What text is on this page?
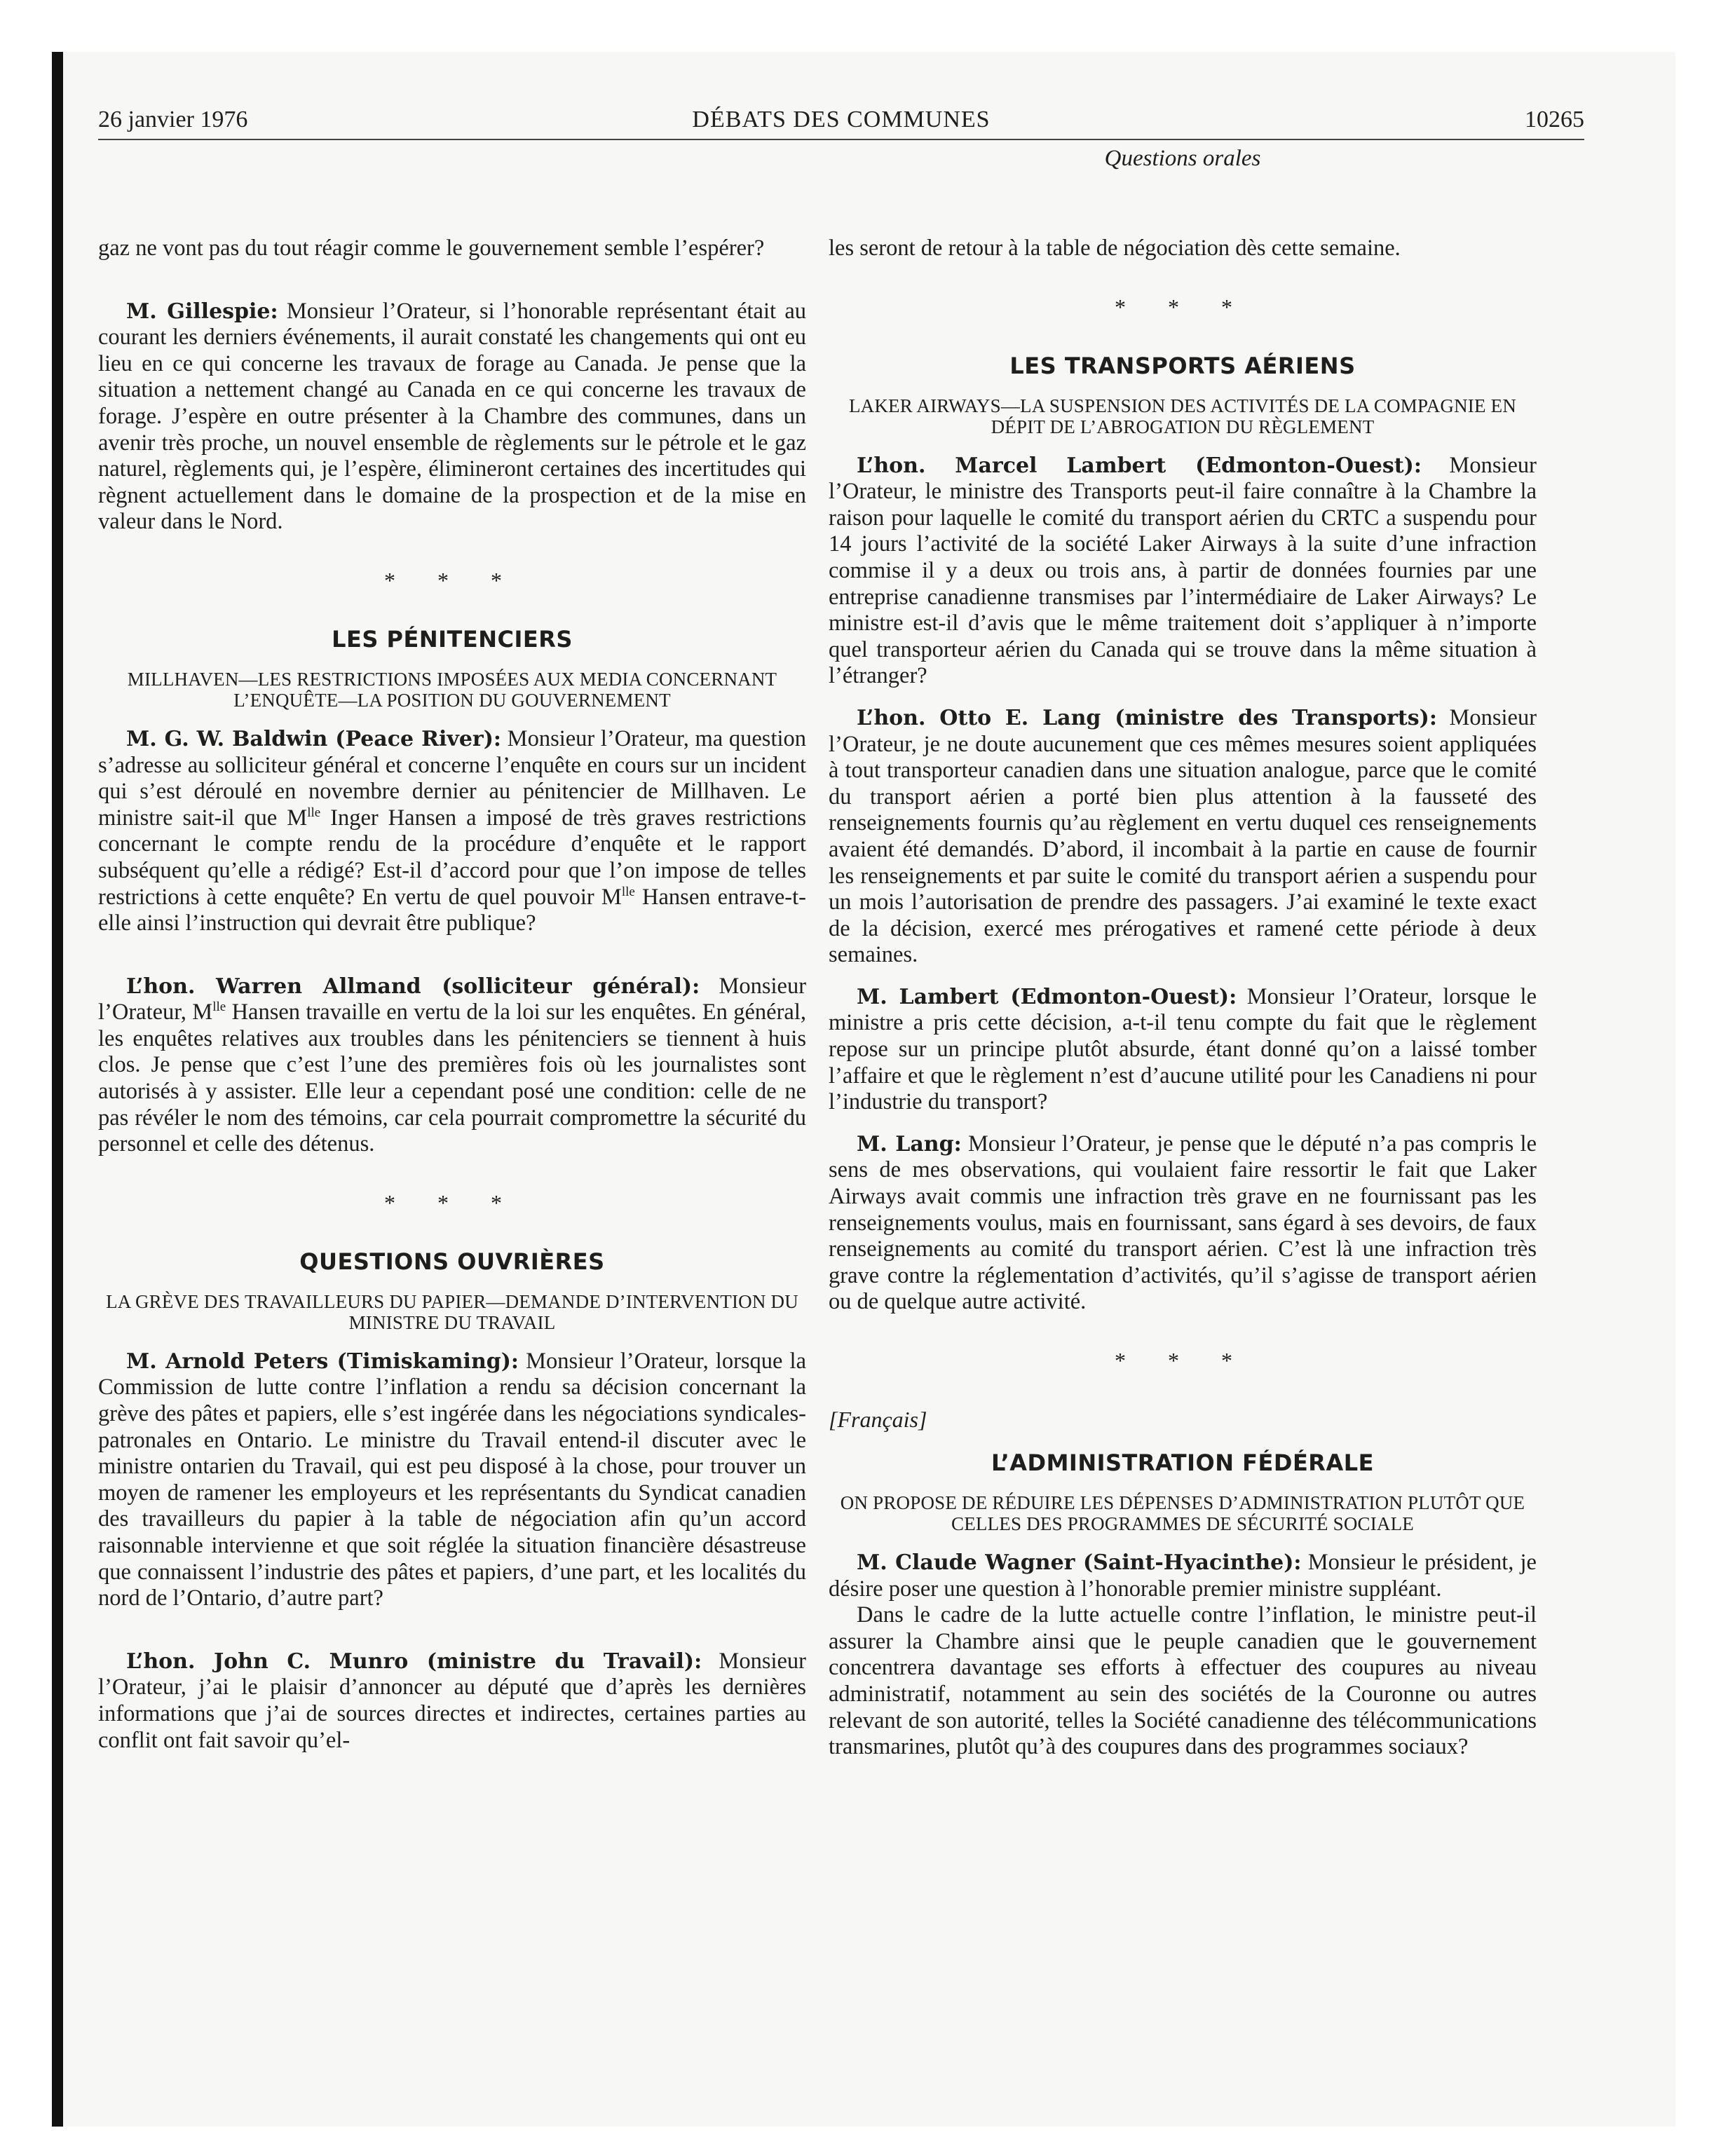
26 janvier 1976	DÉBATS DES COMMUNES	10265
Questions orales

gaz ne vont pas du tout réagir comme le gouvernement semble l’espérer?

M. Gillespie: Monsieur l’Orateur, si l’honorable représentant était au courant les derniers événements, il aurait constaté les changements qui ont eu lieu en ce qui concerne les travaux de forage au Canada. Je pense que la situation a nettement changé au Canada en ce qui concerne les travaux de forage. J’espère en outre présenter à la Chambre des communes, dans un avenir très proche, un nouvel ensemble de règlements sur le pétrole et le gaz naturel, règlements qui, je l’espère, élimineront certaines des incertitudes qui règnent actuellement dans le domaine de la prospection et de la mise en valeur dans le Nord.

* * *
LES PÉNITENCIERS
MILLHAVEN—LES RESTRICTIONS IMPOSÉES AUX MEDIA CONCERNANT L’ENQUÊTE—LA POSITION DU GOUVERNEMENT

M. G. W. Baldwin (Peace River): Monsieur l’Orateur, ma question s’adresse au solliciteur général et concerne l’enquête en cours sur un incident qui s’est déroulé en novembre dernier au pénitencier de Millhaven. Le ministre sait-il que $M^{lle}$ Inger Hansen a imposé de très graves restrictions concernant le compte rendu de la procédure d’enquête et le rapport subséquent qu’elle a rédigé? Est-il d’accord pour que l’on impose de telles restrictions à cette enquête? En vertu de quel pouvoir $M^{lle}$ Hansen entrave-t-elle ainsi l’instruction qui devrait être publique?

L’hon. Warren Allmand (solliciteur général): Monsieur l’Orateur, $M^{lle}$ Hansen travaille en vertu de la loi sur les enquêtes. En général, les enquêtes relatives aux troubles dans les pénitenciers se tiennent à huis clos. Je pense que c’est l’une des premières fois où les journalistes sont autorisés à y assister. Elle leur a cependant posé une condition: celle de ne pas révéler le nom des témoins, car cela pourrait compromettre la sécurité du personnel et celle des détenus.

* * *
QUESTIONS OUVRIÈRES
LA GRÈVE DES TRAVAILLEURS DU PAPIER—DEMANDE D’INTERVENTION DU MINISTRE DU TRAVAIL

M. Arnold Peters (Timiskaming): Monsieur l’Orateur, lorsque la Commission de lutte contre l’inflation a rendu sa décision concernant la grève des pâtes et papiers, elle s’est ingérée dans les négociations syndicales-patronales en Ontario. Le ministre du Travail entend-il discuter avec le ministre ontarien du Travail, qui est peu disposé à la chose, pour trouver un moyen de ramener les employeurs et les représentants du Syndicat canadien des travailleurs du papier à la table de négociation afin qu’un accord raisonnable intervienne et que soit réglée la situation financière désastreuse que connaissent l’industrie des pâtes et papiers, d’une part, et les localités du nord de l’Ontario, d’autre part?

L’hon. John C. Munro (ministre du Travail): Monsieur l’Orateur, j’ai le plaisir d’annoncer au député que d’après les dernières informations que j’ai de sources directes et indirectes, certaines parties au conflit ont fait savoir qu’el-

les seront de retour à la table de négociation dès cette semaine.

* * *
LES TRANSPORTS AÉRIENS
LAKER AIRWAYS—LA SUSPENSION DES ACTIVITÉS DE LA COMPAGNIE EN DÉPIT DE L’ABROGATION DU RÈGLEMENT

L’hon. Marcel Lambert (Edmonton-Ouest): Monsieur l’Orateur, le ministre des Transports peut-il faire connaître à la Chambre la raison pour laquelle le comité du transport aérien du CRTC a suspendu pour 14 jours l’activité de la société Laker Airways à la suite d’une infraction commise il y a deux ou trois ans, à partir de données fournies par une entreprise canadienne transmises par l’intermédiaire de Laker Airways? Le ministre est-il d’avis que le même traitement doit s’appliquer à n’importe quel transporteur aérien du Canada qui se trouve dans la même situation à l’étranger?

L’hon. Otto E. Lang (ministre des Transports): Monsieur l’Orateur, je ne doute aucunement que ces mêmes mesures soient appliquées à tout transporteur canadien dans une situation analogue, parce que le comité du transport aérien a porté bien plus attention à la fausseté des renseignements fournis qu’au règlement en vertu duquel ces renseignements avaient été demandés. D’abord, il incombait à la partie en cause de fournir les renseignements et par suite le comité du transport aérien a suspendu pour un mois l’autorisation de prendre des passagers. J’ai examiné le texte exact de la décision, exercé mes prérogatives et ramené cette période à deux semaines.

M. Lambert (Edmonton-Ouest): Monsieur l’Orateur, lorsque le ministre a pris cette décision, a-t-il tenu compte du fait que le règlement repose sur un principe plutôt absurde, étant donné qu’on a laissé tomber l’affaire et que le règlement n’est d’aucune utilité pour les Canadiens ni pour l’industrie du transport?

M. Lang: Monsieur l’Orateur, je pense que le député n’a pas compris le sens de mes observations, qui voulaient faire ressortir le fait que Laker Airways avait commis une infraction très grave en ne fournissant pas les renseignements voulus, mais en fournissant, sans égard à ses devoirs, de faux renseignements au comité du transport aérien. C’est là une infraction très grave contre la réglementation d’activités, qu’il s’agisse de transport aérien ou de quelque autre activité.

* * *
[Français]
L’ADMINISTRATION FÉDÉRALE
ON PROPOSE DE RÉDUIRE LES DÉPENSES D’ADMINISTRATION PLUTÔT QUE CELLES DES PROGRAMMES DE SÉCURITÉ SOCIALE

M. Claude Wagner (Saint-Hyacinthe): Monsieur le président, je désire poser une question à l’honorable premier ministre suppléant.

Dans le cadre de la lutte actuelle contre l’inflation, le ministre peut-il assurer la Chambre ainsi que le peuple canadien que le gouvernement concentrera davantage ses efforts à effectuer des coupures au niveau administratif, notamment au sein des sociétés de la Couronne ou autres relevant de son autorité, telles la Société canadienne des télécommunications transmarines, plutôt qu’à des coupures dans des programmes sociaux?
